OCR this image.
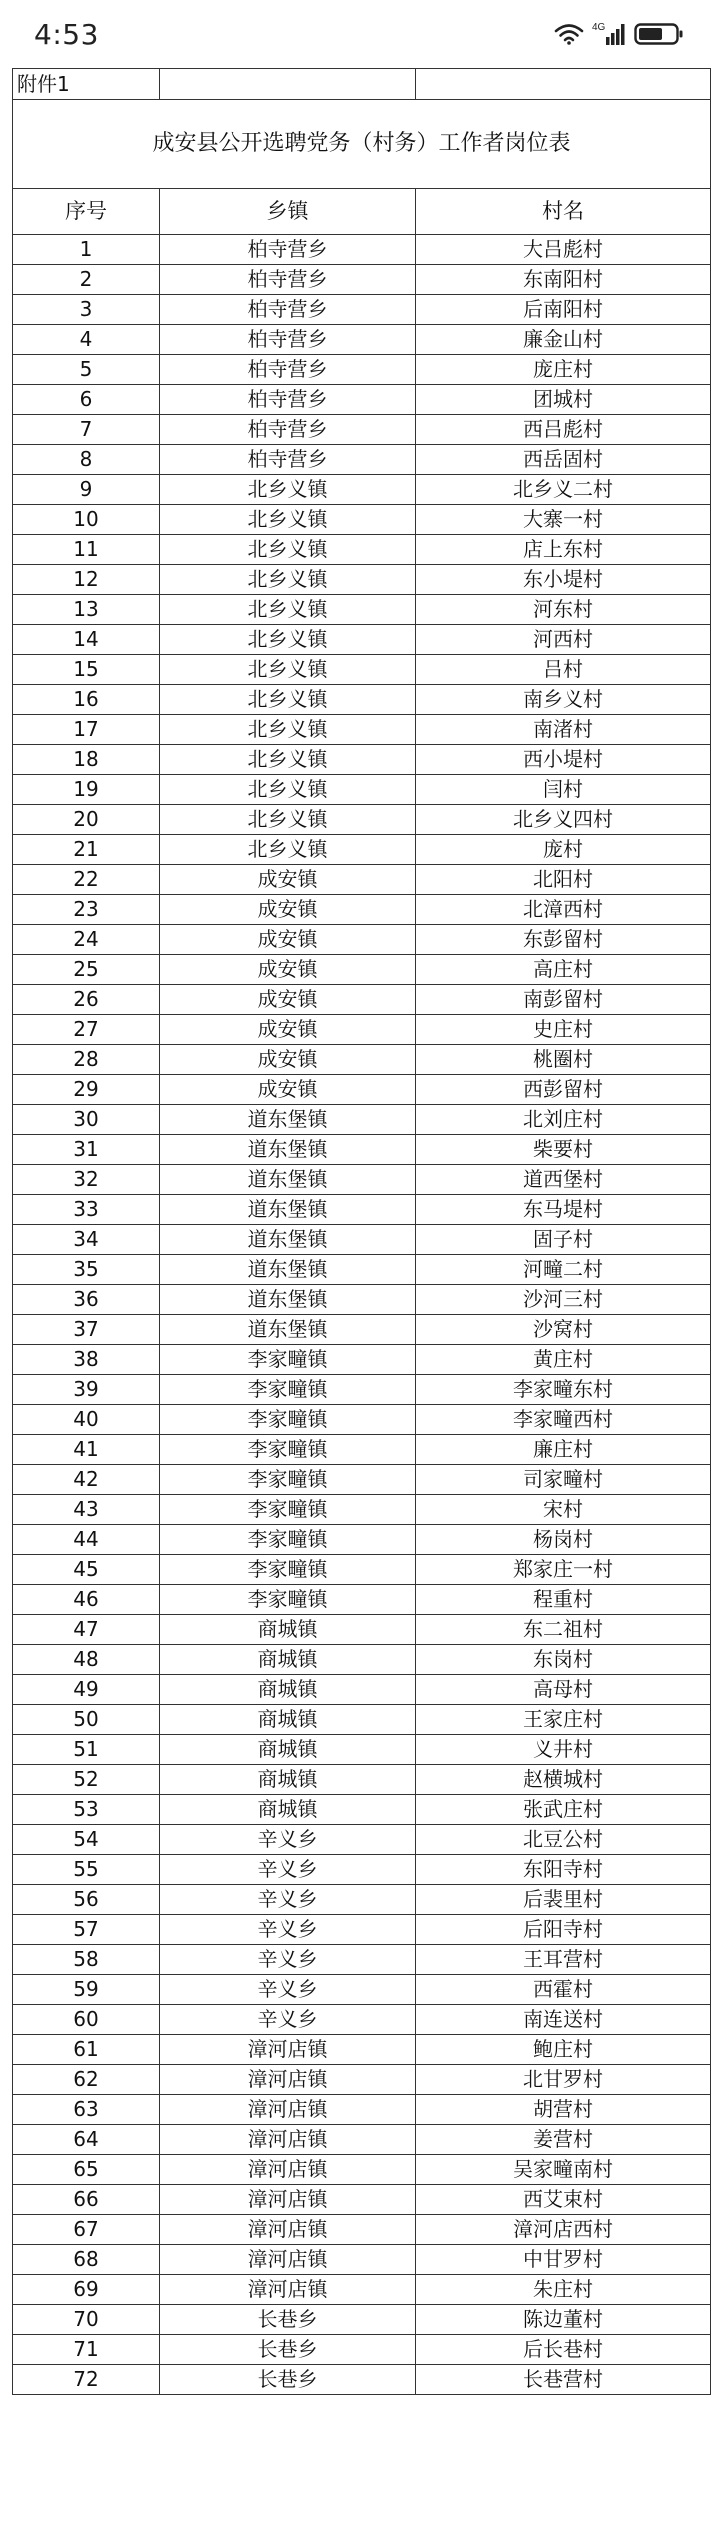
4:53	4G
附件1		
成安县公开选聘党务（村务）工作者岗位表		
序号	乡镇	村名
1	柏寺营乡	大吕彪村
2	柏寺营乡	东南阳村
3	柏寺营乡	后南阳村
4	柏寺营乡	廉金山村
5	柏寺营乡	庞庄村
6	柏寺营乡	团城村
7	柏寺营乡	西吕彪村
8	柏寺营乡	西岳固村
9	北乡义镇	北乡义二村
10	北乡义镇	大寨一村
11	北乡义镇	店上东村
12	北乡义镇	东小堤村
13	北乡义镇	河东村
14	北乡义镇	河西村
15	北乡义镇	吕村
16	北乡义镇	南乡义村
17	北乡义镇	南渚村
18	北乡义镇	西小堤村
19	北乡义镇	闫村
20	北乡义镇	北乡义四村
21	北乡义镇	庞村
22	成安镇	北阳村
23	成安镇	北漳西村
24	成安镇	东彭留村
25	成安镇	高庄村
26	成安镇	南彭留村
27	成安镇	史庄村
28	成安镇	桃圈村
29	成安镇	西彭留村
30	道东堡镇	北刘庄村
31	道东堡镇	柴要村
32	道东堡镇	道西堡村
33	道东堡镇	东马堤村
34	道东堡镇	固子村
35	道东堡镇	河疃二村
36	道东堡镇	沙河三村
37	道东堡镇	沙窝村
38	李家疃镇	黄庄村
39	李家疃镇	李家疃东村
40	李家疃镇	李家疃西村
41	李家疃镇	廉庄村
42	李家疃镇	司家疃村
43	李家疃镇	宋村
44	李家疃镇	杨岗村
45	李家疃镇	郑家庄一村
46	李家疃镇	程重村
47	商城镇	东二祖村
48	商城镇	东岗村
49	商城镇	高母村
50	商城镇	王家庄村
51	商城镇	义井村
52	商城镇	赵横城村
53	商城镇	张武庄村
54	辛义乡	北豆公村
55	辛义乡	东阳寺村
56	辛义乡	后裴里村
57	辛义乡	后阳寺村
58	辛义乡	王耳营村
59	辛义乡	西霍村
60	辛义乡	南连送村
61	漳河店镇	鲍庄村
62	漳河店镇	北甘罗村
63	漳河店镇	胡营村
64	漳河店镇	姜营村
65	漳河店镇	吴家疃南村
66	漳河店镇	西艾束村
67	漳河店镇	漳河店西村
68	漳河店镇	中甘罗村
69	漳河店镇	朱庄村
70	长巷乡	陈边董村
71	长巷乡	后长巷村
72	长巷乡	长巷营村
